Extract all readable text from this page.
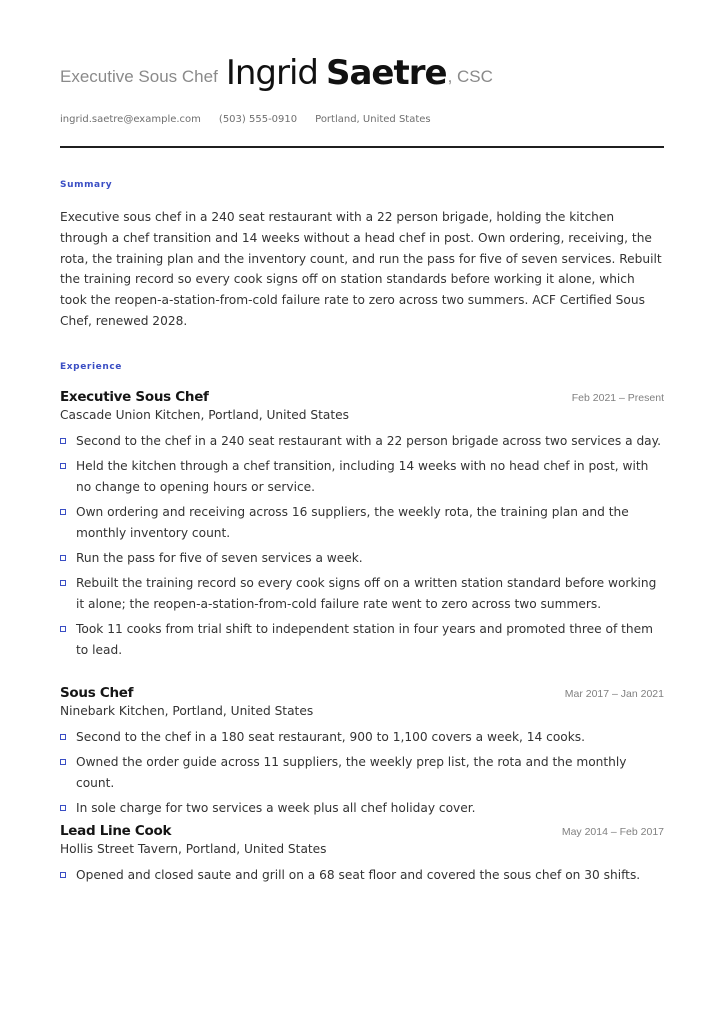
Executive Sous Chef Ingrid Saetre , CSC
ingrid.saetre@example.com (503) 555-0910 Portland, United States
Summary
Executive sous chef in a 240 seat restaurant with a 22 person brigade, holding the kitchen through a chef transition and 14 weeks without a head chef in post. Own ordering, receiving, the rota, the training plan and the inventory count, and run the pass for five of seven services. Rebuilt the training record so every cook signs off on station standards before working it alone, which took the reopen-a-station-from-cold failure rate to zero across two summers. ACF Certified Sous Chef, renewed 2028.
Experience
Executive Sous Chef	Feb 2021 – Present
Cascade Union Kitchen, Portland, United States
Second to the chef in a 240 seat restaurant with a 22 person brigade across two services a day.
Held the kitchen through a chef transition, including 14 weeks with no head chef in post, with no change to opening hours or service.
Own ordering and receiving across 16 suppliers, the weekly rota, the training plan and the monthly inventory count.
Run the pass for five of seven services a week.
Rebuilt the training record so every cook signs off on a written station standard before working it alone; the reopen-a-station-from-cold failure rate went to zero across two summers.
Took 11 cooks from trial shift to independent station in four years and promoted three of them to lead.
Sous Chef	Mar 2017 – Jan 2021
Ninebark Kitchen, Portland, United States
Second to the chef in a 180 seat restaurant, 900 to 1,100 covers a week, 14 cooks.
Owned the order guide across 11 suppliers, the weekly prep list, the rota and the monthly count.
In sole charge for two services a week plus all chef holiday cover.
Lead Line Cook	May 2014 – Feb 2017
Hollis Street Tavern, Portland, United States
Opened and closed saute and grill on a 68 seat floor and covered the sous chef on 30 shifts.
